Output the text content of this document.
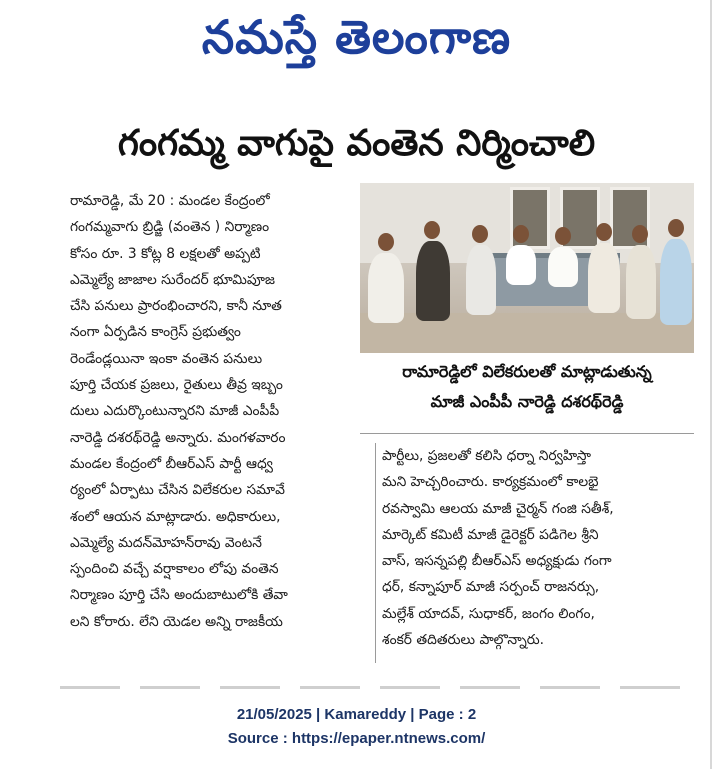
నమస్తే తెలంగాణ
గంగమ్మ వాగుపై వంతెన నిర్మించాలి
రామారెడ్డి, మే 20 : మండల కేంద్రంలో
గంగమ్మవాగు బ్రిడ్జి (వంతెన ) నిర్మాణం
కోసం రూ. 3 కోట్ల 8 లక్షలతో అప్పటి
ఎమ్మెల్యే జాజాల సురేందర్ భూమిపూజ
చేసి పనులు ప్రారంభించారని, కానీ నూత
నంగా ఏర్పడిన కాంగ్రెస్ ప్రభుత్వం
రెండేండ్లయినా ఇంకా వంతెన పనులు
పూర్తి చేయక ప్రజలు, రైతులు తీవ్ర ఇబ్బం
దులు ఎదుర్కొంటున్నారని మాజీ ఎంపీపీ
నారెడ్డి దశరథ్‌రెడ్డి అన్నారు. మంగళవారం
మండల కేంద్రంలో బీఆర్ఎస్ పార్టీ ఆధ్వ
ర్యంలో ఏర్పాటు చేసిన విలేకరుల సమావే
శంలో ఆయన మాట్లాడారు. అధికారులు,
ఎమ్మెల్యే మదన్‌మోహన్‌రావు వెంటనే
స్పందించి వచ్చే వర్షాకాలం లోపు వంతెన
నిర్మాణం పూర్తి చేసి అందుబాటులోకి తేవా
లని కోరారు. లేని యెడల అన్ని రాజకీయ
రామారెడ్డిలో విలేకరులతో మాట్లాడుతున్న
మాజీ ఎంపీపీ నారెడ్డి దశరథ్‌రెడ్డి
పార్టీలు, ప్రజలతో కలిసి ధర్నా నిర్వహిస్తా
మని హెచ్చరించారు. కార్యక్రమంలో కాలభై
రవస్వామి ఆలయ మాజీ చైర్మన్ గంజి సతీశ్,
మార్కెట్ కమిటీ మాజీ డైరెక్టర్ పడిగెల శ్రీని
వాస్, ఇసన్నపల్లి బీఆర్ఎస్ అధ్యక్షుడు గంగా
ధర్, కన్నాపూర్ మాజీ సర్పంచ్ రాజనర్సు,
మల్లేశ్ యాదవ్, సుధాకర్, జంగం లింగం,
శంకర్ తదితరులు పాల్గొన్నారు.
21/05/2025 | Kamareddy | Page : 2
Source : https://epaper.ntnews.com/
